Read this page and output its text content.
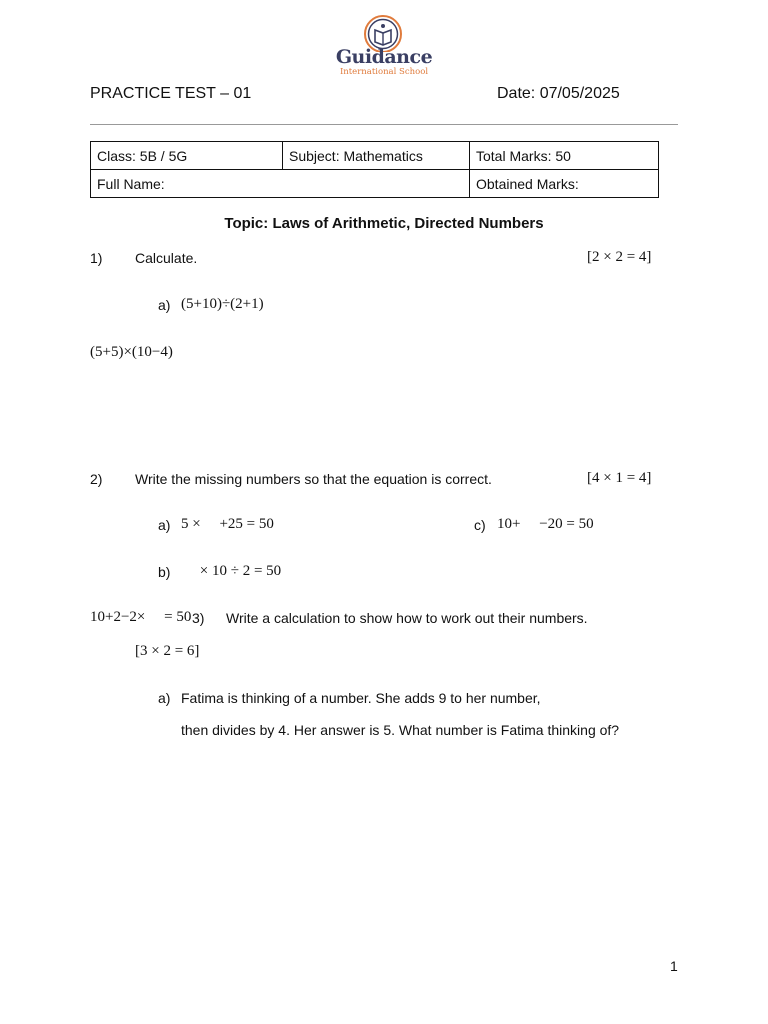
Guidance
International School
PRACTICE TEST – 01	Date: 07/05/2025
Class: 5B / 5G	Subject: Mathematics	Total Marks: 50
Full Name:		Obtained Marks:
Topic: Laws of Arithmetic, Directed Numbers
1) Calculate.	[2 × 2 = 4]
a) (5+10)÷(2+1)
(5+5)×(10−4)
2) Write the missing numbers so that the equation is correct.	[4 × 1 = 4]
a) 5 ×     +25 = 50	c) 10+     −20 = 50
b) × 10 ÷ 2 = 50
10+2−2×     = 50 3) Write a calculation to show how to work out their numbers.
[3 × 2 = 6]
a) Fatima is thinking of a number. She adds 9 to her number,
then divides by 4. Her answer is 5. What number is Fatima thinking of?
1
